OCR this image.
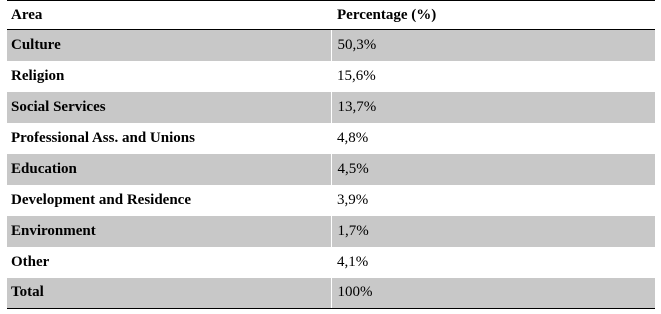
Area	Percentage (%)
Culture	50,3%
Religion	15,6%
Social Services	13,7%
Professional Ass. and Unions	4,8%
Education	4,5%
Development and Residence	3,9%
Environment	1,7%
Other	4,1%
Total	100%
